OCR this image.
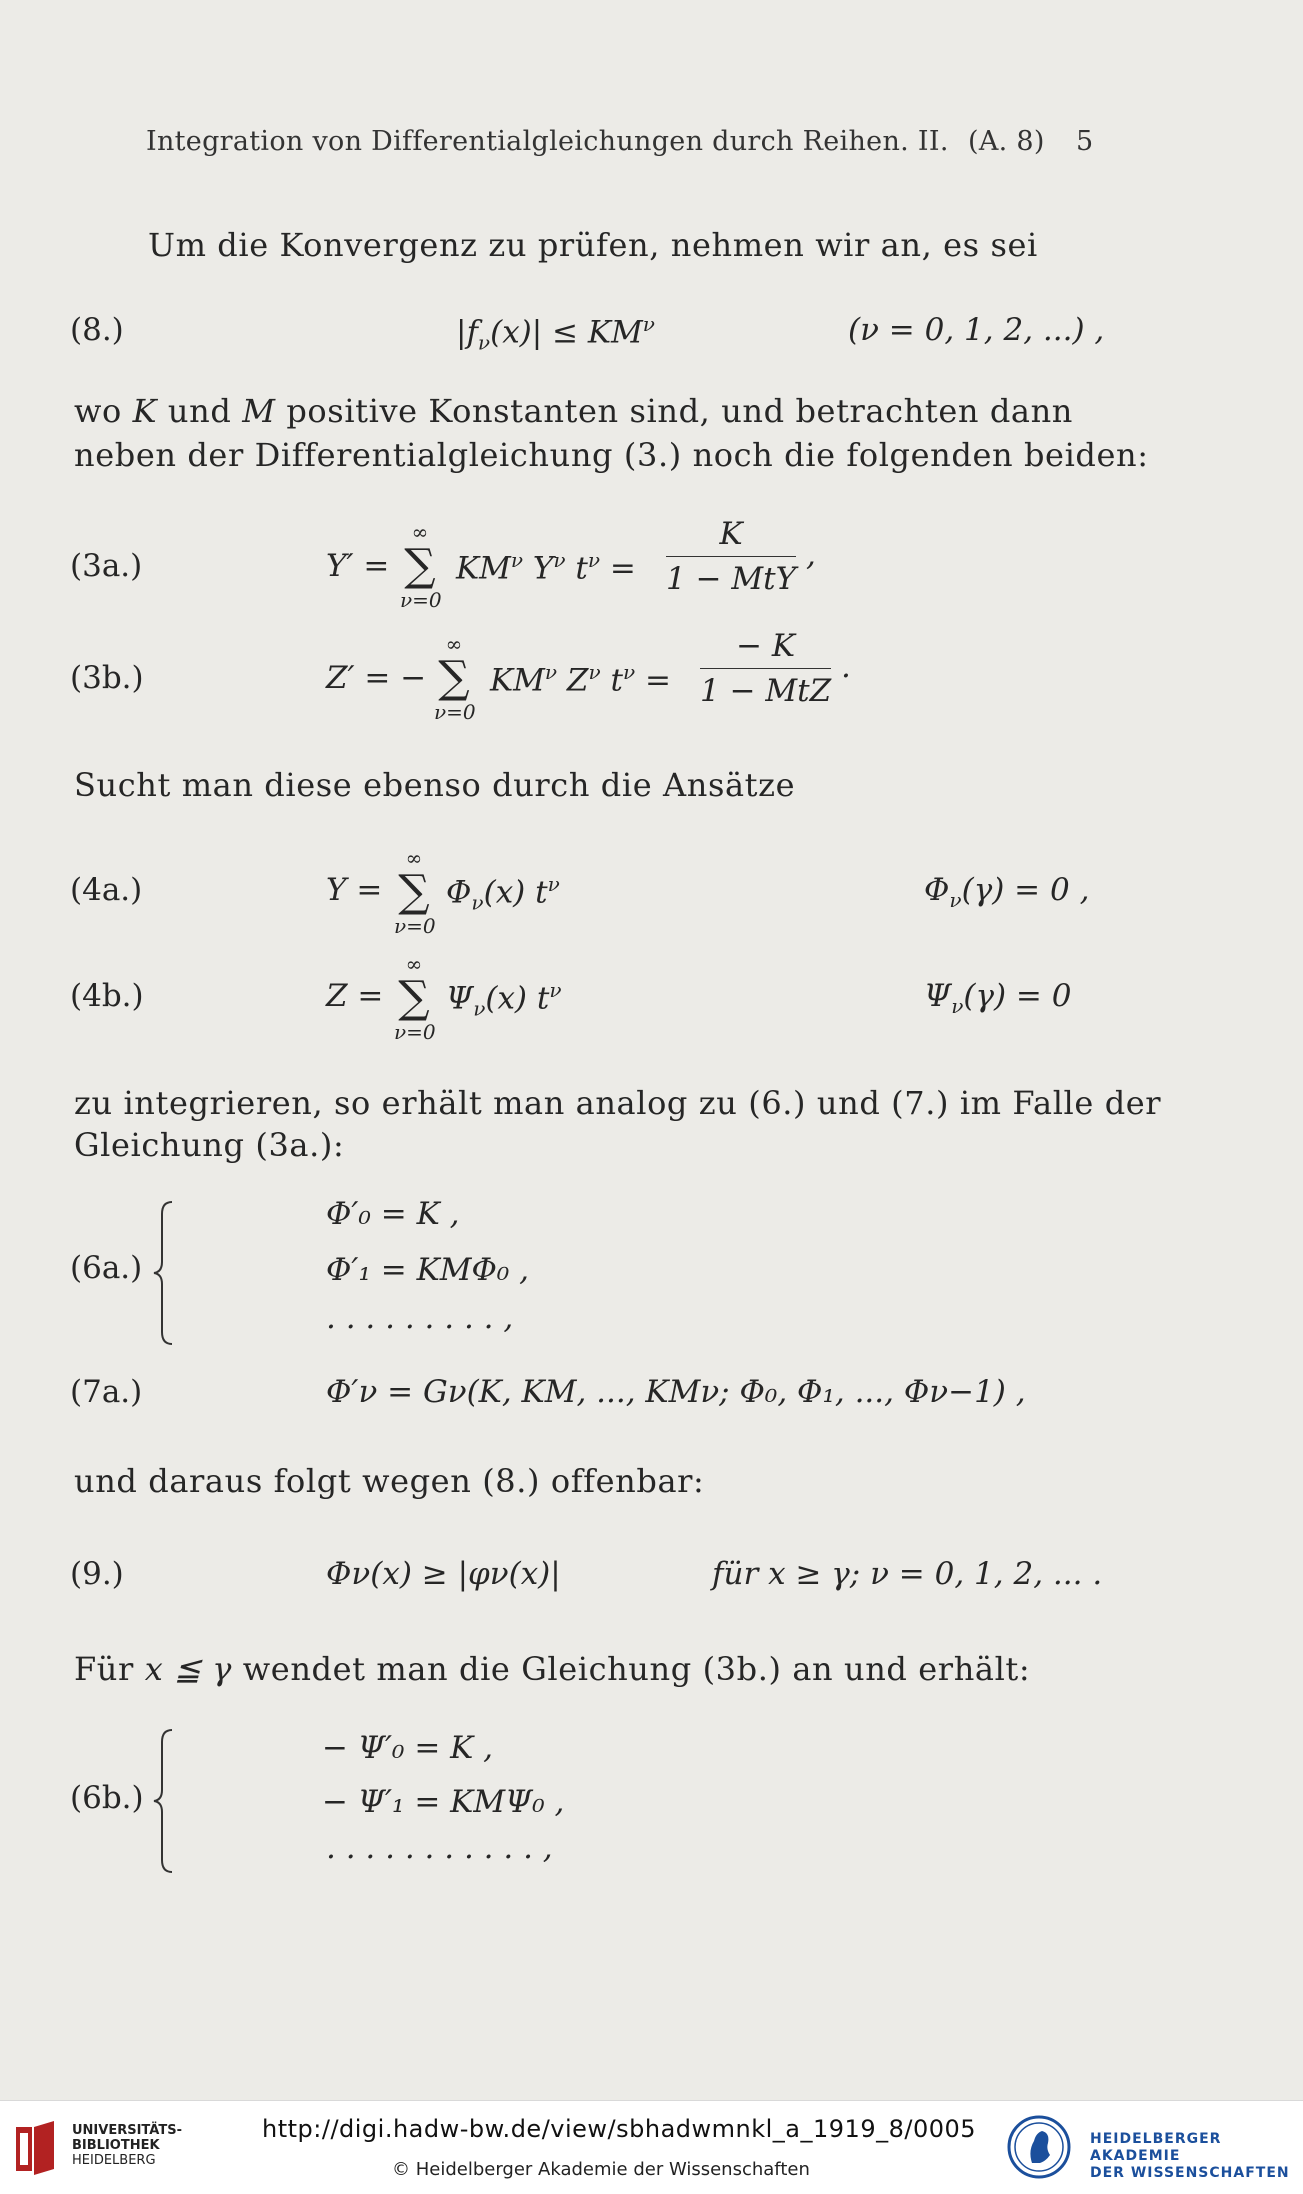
Integration von Differentialgleichungen durch Reihen. II. (A. 8) 5
Um die Konvergenz zu prüfen, nehmen wir an, es sei
(8.)	$|f_\nu(x)| \le KM^\nu$	(ν = 0, 1, 2, ...) ,
wo K und M positive Konstanten sind, und betrachten dann
neben der Differentialgleichung (3.) noch die folgenden beiden:
(3a.)	Y′ =
∞
∑
ν=0
$KM^\nu$ $Y^\nu$ $t^\nu = \frac{K}{\text{1 − MtY}}$ ,
(3b.)	Z′ = −
∞
∑
ν=0
$KM^\nu$ $Z^\nu$ $t^\nu = \frac{- K}{\text{1 − MtZ}}$ .
Sucht man diese ebenso durch die Ansätze
(4a.)	Y =
∞
∑
ν=0
$\Phi_\nu(x)$ $t^\nu$	$\Phi_\nu(\gamma) = 0$ ,
(4b.)	Z =
∞
∑
ν=0
$\Psi_\nu(x)$ $t^\nu$	$\Psi_\nu(\gamma) = 0$
zu integrieren, so erhält man analog zu (6.) und (7.) im Falle der
Gleichung (3a.):
(6a.)
Φ′₀ = K ,
Φ′₁ = KMΦ₀ ,
. . . . . . . . . ,
(7a.)	Φ′ν = Gν(K, KM, ..., KMν; Φ₀, Φ₁, ..., Φν−1) ,
und daraus folgt wegen (8.) offenbar:
(9.)	Φν(x) ≥ |φν(x)|	für x ≥ γ; ν = 0, 1, 2, ... .
Für x ≦ γ wendet man die Gleichung (3b.) an und erhält:
(6b.)
− Ψ′₀ = K ,
− Ψ′₁ = KMΨ₀ ,
. . . . . . . . . . . ,
UNIVERSITÄTS-
BIBLIOTHEK
HEIDELBERG
http://digi.hadw-bw.de/view/sbhadwmnkl_a_1919_8/0005
© Heidelberger Akademie der Wissenschaften
HEIDELBERGER AKADEMIE
DER WISSENSCHAFTEN
